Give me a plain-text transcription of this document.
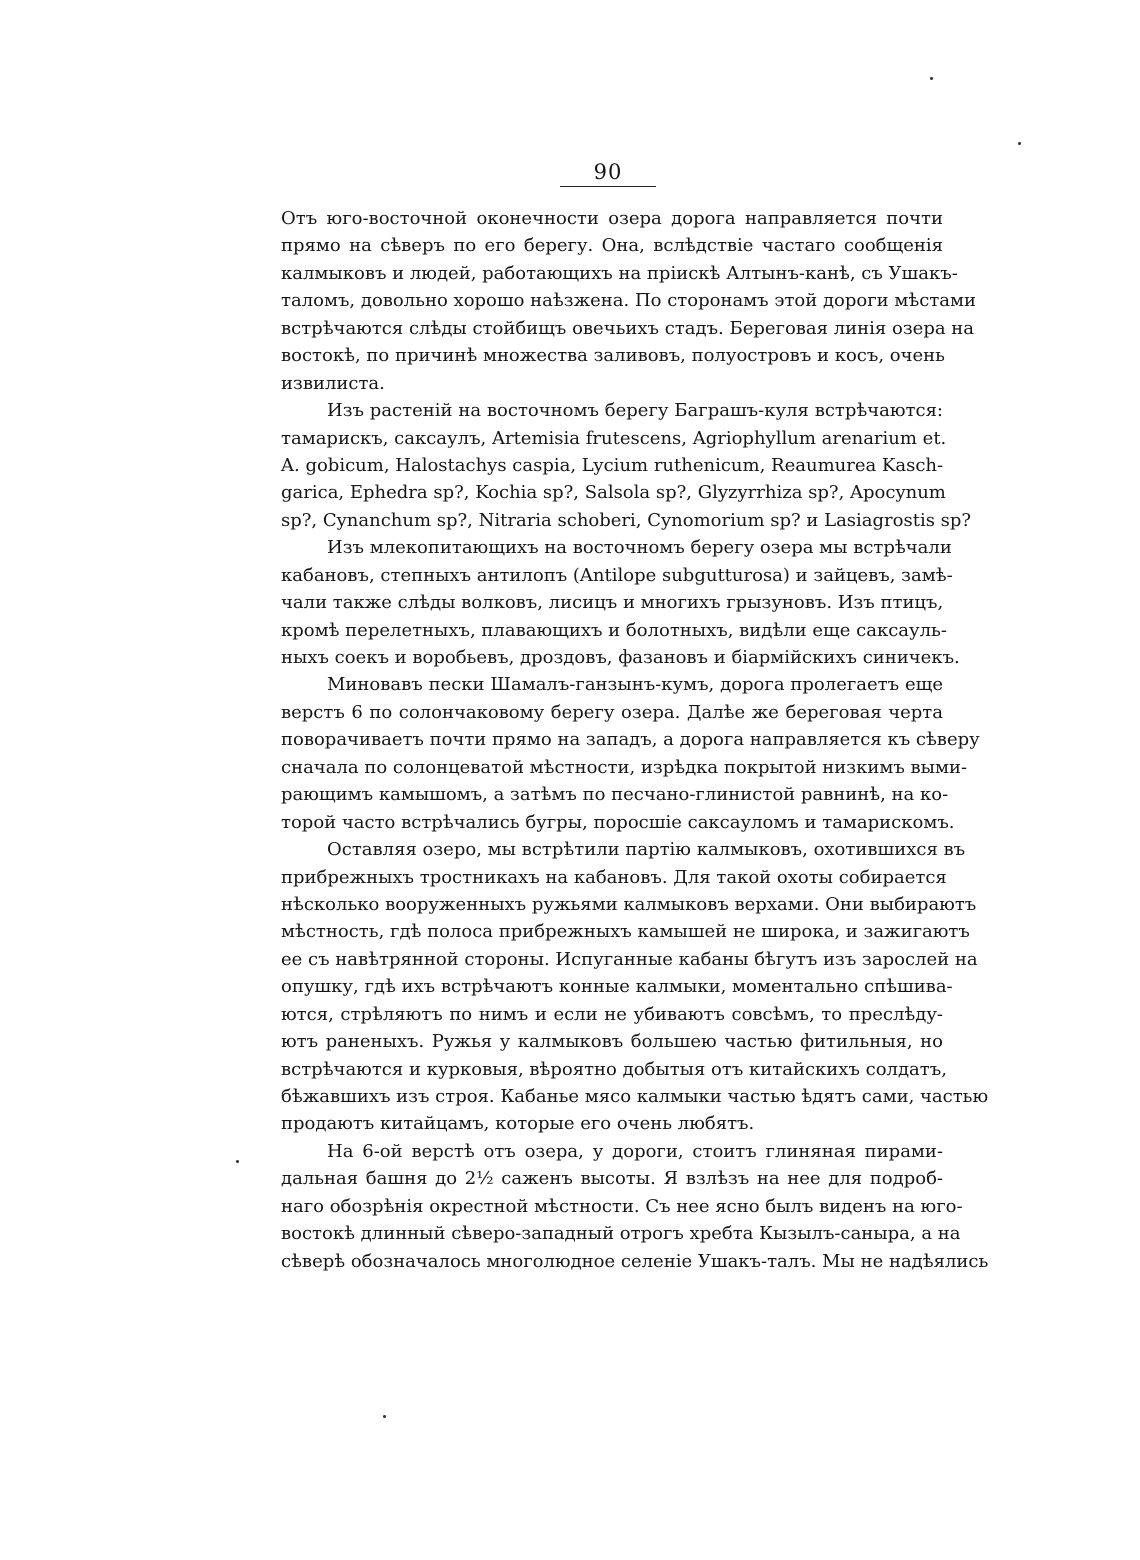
90
Отъ юго-восточной оконечности озера дорога направляется почти
прямо на сѣверъ по его берегу. Она, вслѣдствіе частаго сообщенія
калмыковъ и людей, работающихъ на пріискѣ Алтынъ-канѣ, съ Ушакъ-
таломъ, довольно хорошо наѣзжена. По сторонамъ этой дороги мѣстами
встрѣчаются слѣды стойбищъ овечьихъ стадъ. Береговая линія озера на
востокѣ, по причинѣ множества заливовъ, полуостровъ и косъ, очень
извилиста.
Изъ растеній на восточномъ берегу Баграшъ-куля встрѣчаются:
тамарискъ, саксаулъ, Artemisia frutescens, Agriophyllum arenarium et.
A. gobicum, Halostachys caspia, Lycium ruthenicum, Reaumurea Kasch-
garica, Ephedra sp?, Kochia sp?, Salsola sp?, Glyzyrrhiza sp?, Apocynum
sp?, Cynanchum sp?, Nitraria schoberi, Cynomorium sp? и Lasiagrostis sp?
Изъ млекопитающихъ на восточномъ берегу озера мы встрѣчали
кабановъ, степныхъ антилопъ (Antilope subgutturosa) и зайцевъ, замѣ-
чали также слѣды волковъ, лисицъ и многихъ грызуновъ. Изъ птицъ,
кромѣ перелетныхъ, плавающихъ и болотныхъ, видѣли еще саксауль-
ныхъ соекъ и воробьевъ, дроздовъ, фазановъ и біармійскихъ синичекъ.
Миновавъ пески Шамалъ-ганзынъ-кумъ, дорога пролегаетъ еще
верстъ 6 по солончаковому берегу озера. Далѣе же береговая черта
поворачиваетъ почти прямо на западъ, а дорога направляется къ сѣверу
сначала по солонцеватой мѣстности, изрѣдка покрытой низкимъ выми-
рающимъ камышомъ, а затѣмъ по песчано-глинистой равнинѣ, на ко-
торой часто встрѣчались бугры, поросшіе саксауломъ и тамарискомъ.
Оставляя озеро, мы встрѣтили партію калмыковъ, охотившихся въ
прибрежныхъ тростникахъ на кабановъ. Для такой охоты собирается
нѣсколько вооруженныхъ ружьями калмыковъ верхами. Они выбираютъ
мѣстность, гдѣ полоса прибрежныхъ камышей не широка, и зажигаютъ
ее съ навѣтрянной стороны. Испуганные кабаны бѣгутъ изъ зарослей на
опушку, гдѣ ихъ встрѣчаютъ конные калмыки, моментально спѣшива-
ются, стрѣляютъ по нимъ и если не убиваютъ совсѣмъ, то преслѣду-
ютъ раненыхъ. Ружья у калмыковъ большею частью фитильныя, но
встрѣчаются и курковыя, вѣроятно добытыя отъ китайскихъ солдатъ,
бѣжавшихъ изъ строя. Кабанье мясо калмыки частью ѣдятъ сами, частью
продаютъ китайцамъ, которые его очень любятъ.
На 6-ой верстѣ отъ озера, у дороги, стоитъ глиняная пирами-
дальная башня до 2½ саженъ высоты. Я взлѣзъ на нее для подроб-
наго обозрѣнія окрестной мѣстности. Съ нее ясно былъ виденъ на юго-
востокѣ длинный сѣверо-западный отрогъ хребта Кызылъ-санырa, а на
сѣверѣ обозначалось многолюдное селеніе Ушакъ-талъ. Мы не надѣялись
